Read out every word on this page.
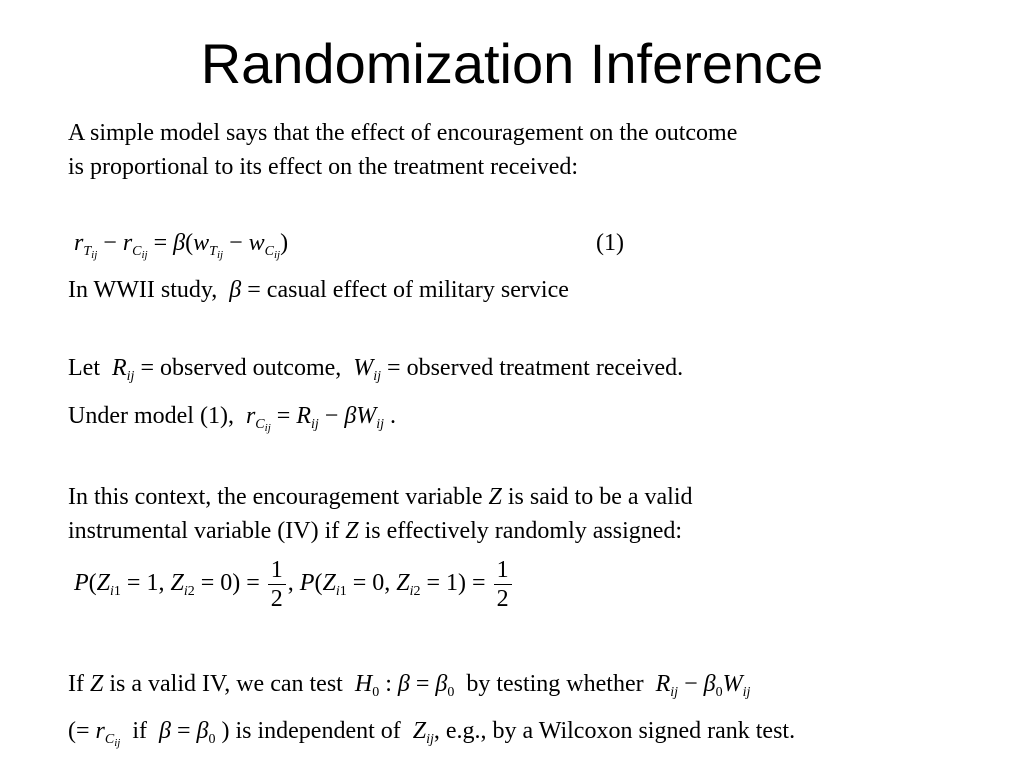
Randomization Inference
A simple model says that the effect of encouragement on the outcome
is proportional to its effect on the treatment received:
$r_{T_{ij}} - r_{C_{ij}} = \beta(w_{T_{ij}} - w_{C_{ij}})$	(1)
In WWII study, β = casual effect of military service
Let $R_{ij}$ = observed outcome, $W_{ij}$ = observed treatment received.
Under model (1), $r_{C_{ij}} = R_{ij} - \beta W_{ij}$ .
In this context, the encouragement variable Z is said to be a valid
instrumental variable (IV) if Z is effectively randomly assigned:
$P(Z_{i1} = 1$, $Z_{i2} = 0) = \frac{1}{2}$ , $P(Z_{i1} = 0$, $Z_{i2} = 1) = \frac{1}{2}$
If Z is a valid IV, we can test $H_0$ : $\beta = \beta_0$ by testing whether $R_{ij} - \beta_0W_{ij}$
(= $r_{C_{ij}}$ if $\beta = \beta_0$ ) is independent of $Z_{ij}$, e.g., by a Wilcoxon signed rank test.
